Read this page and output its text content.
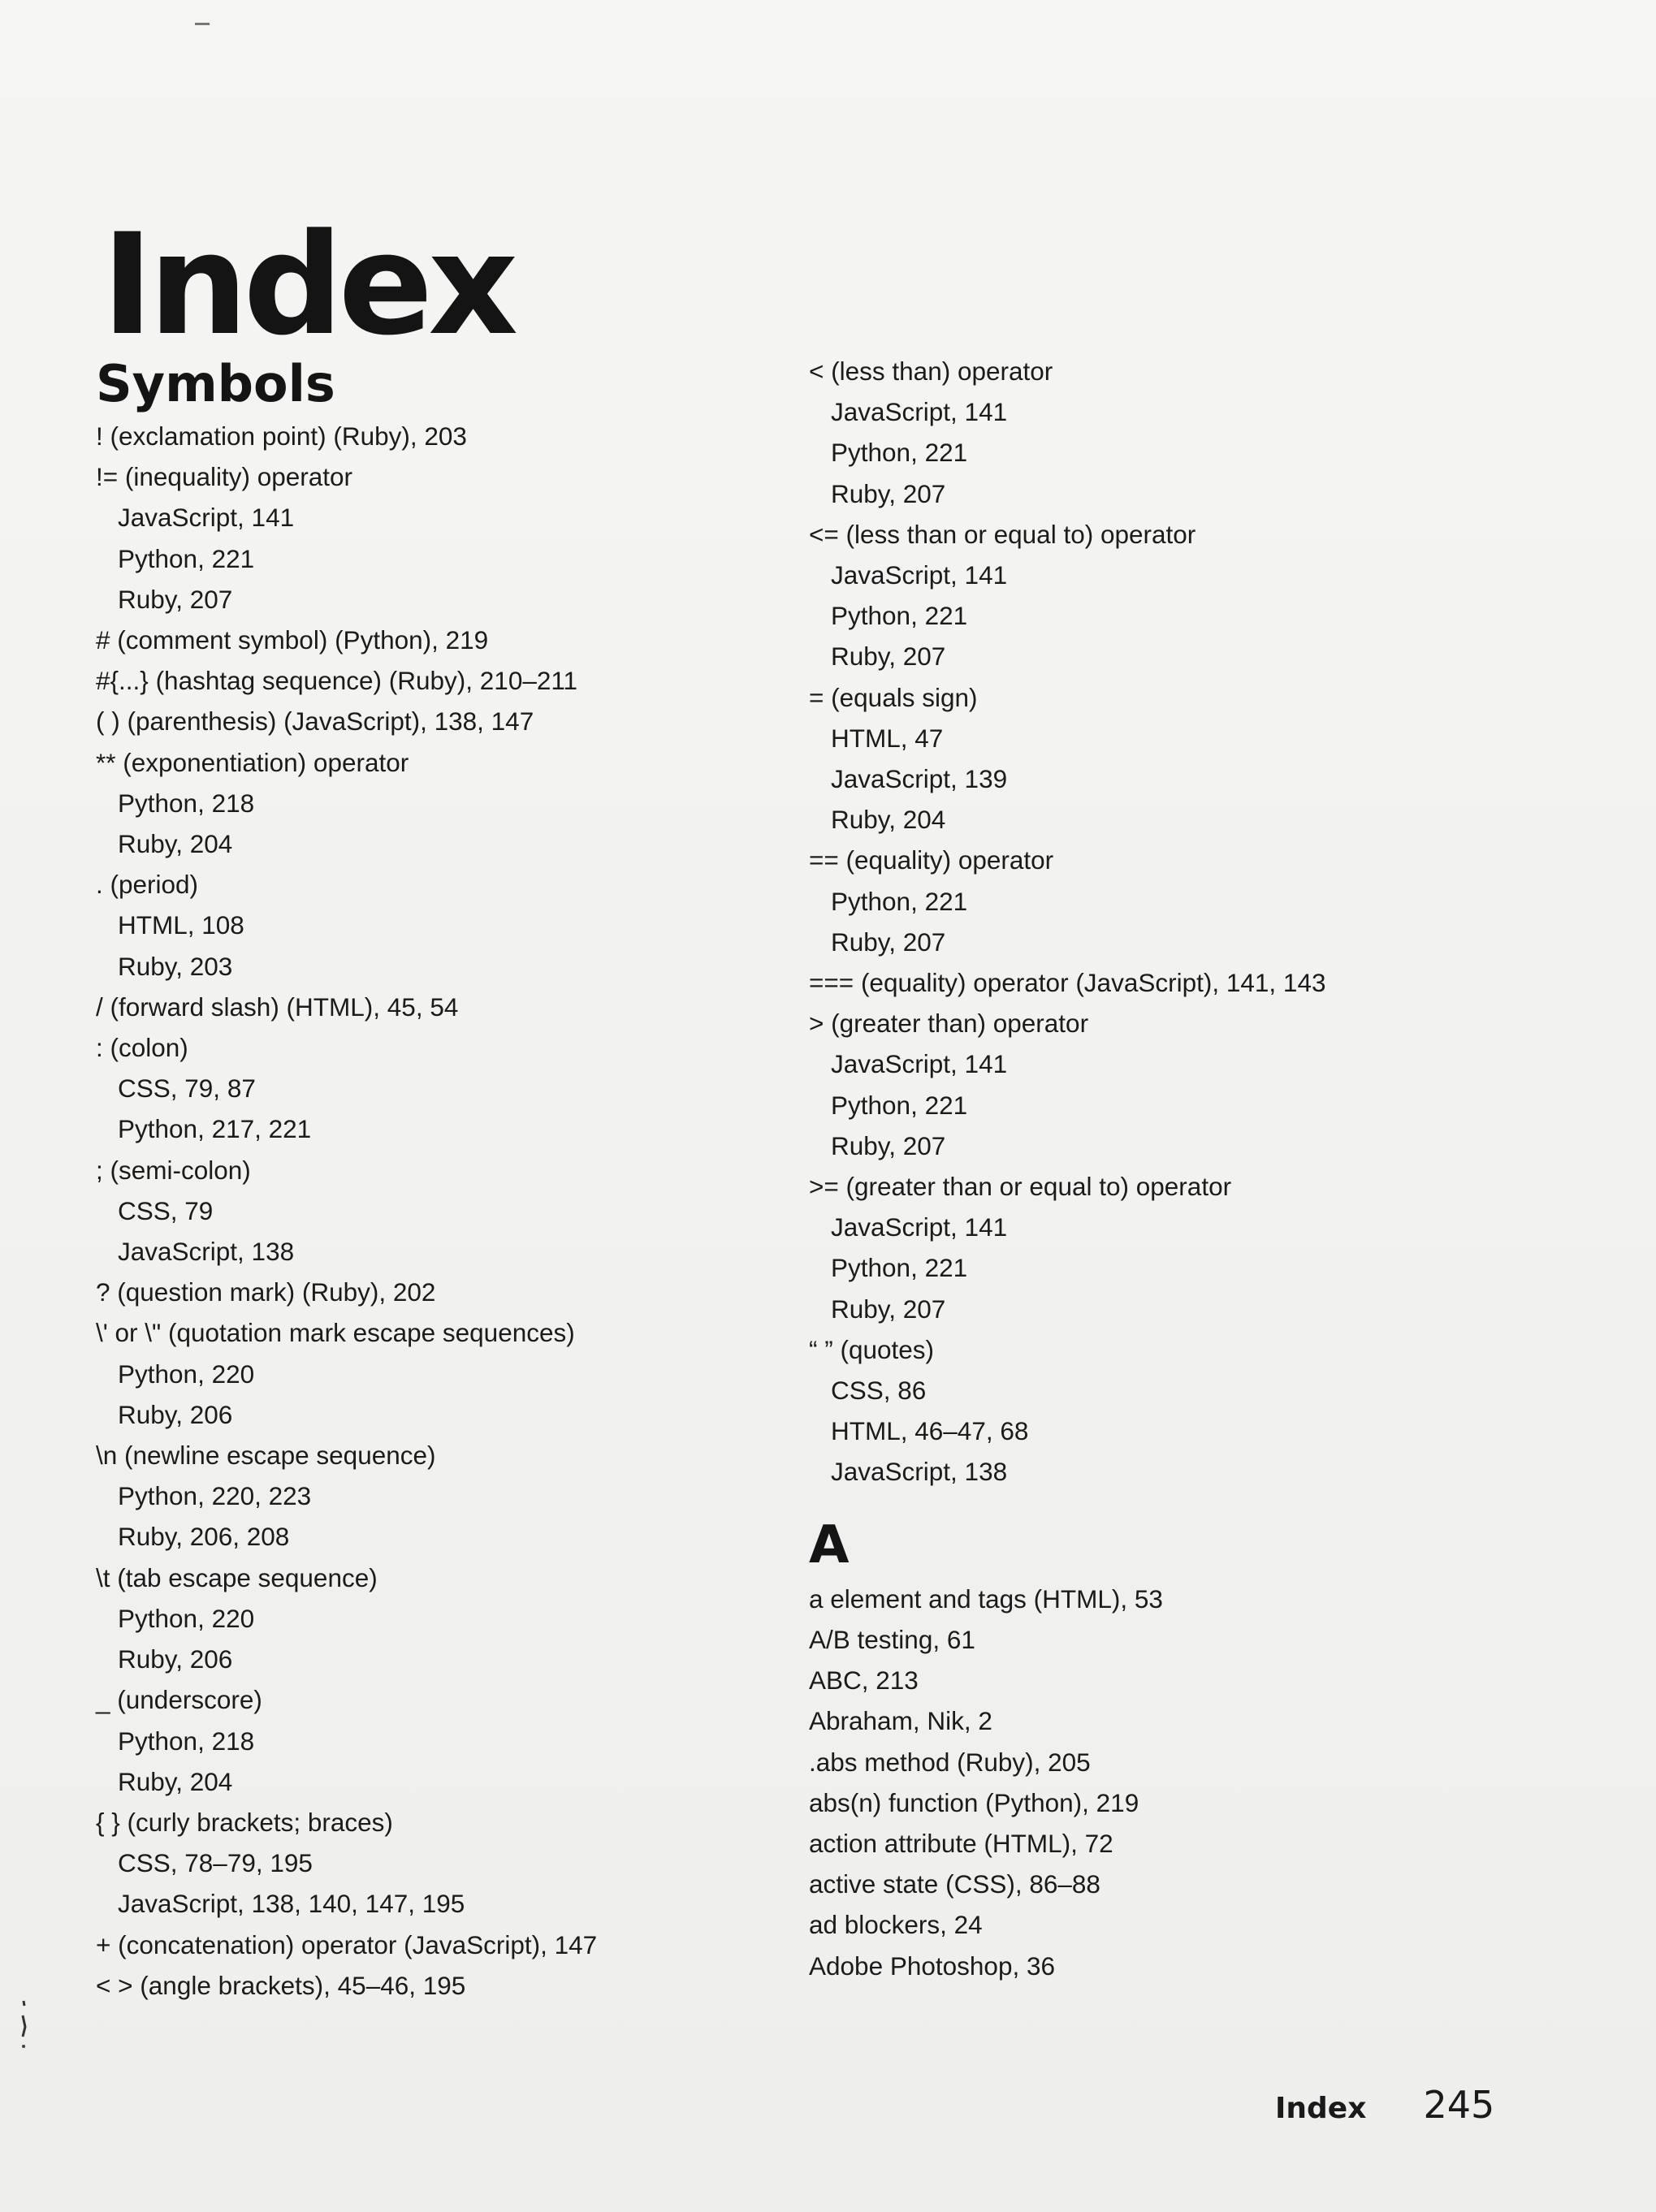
Index
Symbols
! (exclamation point) (Ruby), 203
!= (inequality) operator
JavaScript, 141
Python, 221
Ruby, 207
# (comment symbol) (Python), 219
#{...} (hashtag sequence) (Ruby), 210–211
( ) (parenthesis) (JavaScript), 138, 147
** (exponentiation) operator
Python, 218
Ruby, 204
. (period)
HTML, 108
Ruby, 203
/ (forward slash) (HTML), 45, 54
: (colon)
CSS, 79, 87
Python, 217, 221
; (semi-colon)
CSS, 79
JavaScript, 138
? (question mark) (Ruby), 202
\' or \" (quotation mark escape sequences)
Python, 220
Ruby, 206
\n (newline escape sequence)
Python, 220, 223
Ruby, 206, 208
\t (tab escape sequence)
Python, 220
Ruby, 206
_ (underscore)
Python, 218
Ruby, 204
{ } (curly brackets; braces)
CSS, 78–79, 195
JavaScript, 138, 140, 147, 195
+ (concatenation) operator (JavaScript), 147
< > (angle brackets), 45–46, 195
< (less than) operator
JavaScript, 141
Python, 221
Ruby, 207
<= (less than or equal to) operator
JavaScript, 141
Python, 221
Ruby, 207
= (equals sign)
HTML, 47
JavaScript, 139
Ruby, 204
== (equality) operator
Python, 221
Ruby, 207
=== (equality) operator (JavaScript), 141, 143
> (greater than) operator
JavaScript, 141
Python, 221
Ruby, 207
>= (greater than or equal to) operator
JavaScript, 141
Python, 221
Ruby, 207
“ ” (quotes)
CSS, 86
HTML, 46–47, 68
JavaScript, 138
A
a element and tags (HTML), 53
A/B testing, 61
ABC, 213
Abraham, Nik, 2
.abs method (Ruby), 205
abs(n) function (Python), 219
action attribute (HTML), 72
active state (CSS), 86–88
ad blockers, 24
Adobe Photoshop, 36
Index 245
